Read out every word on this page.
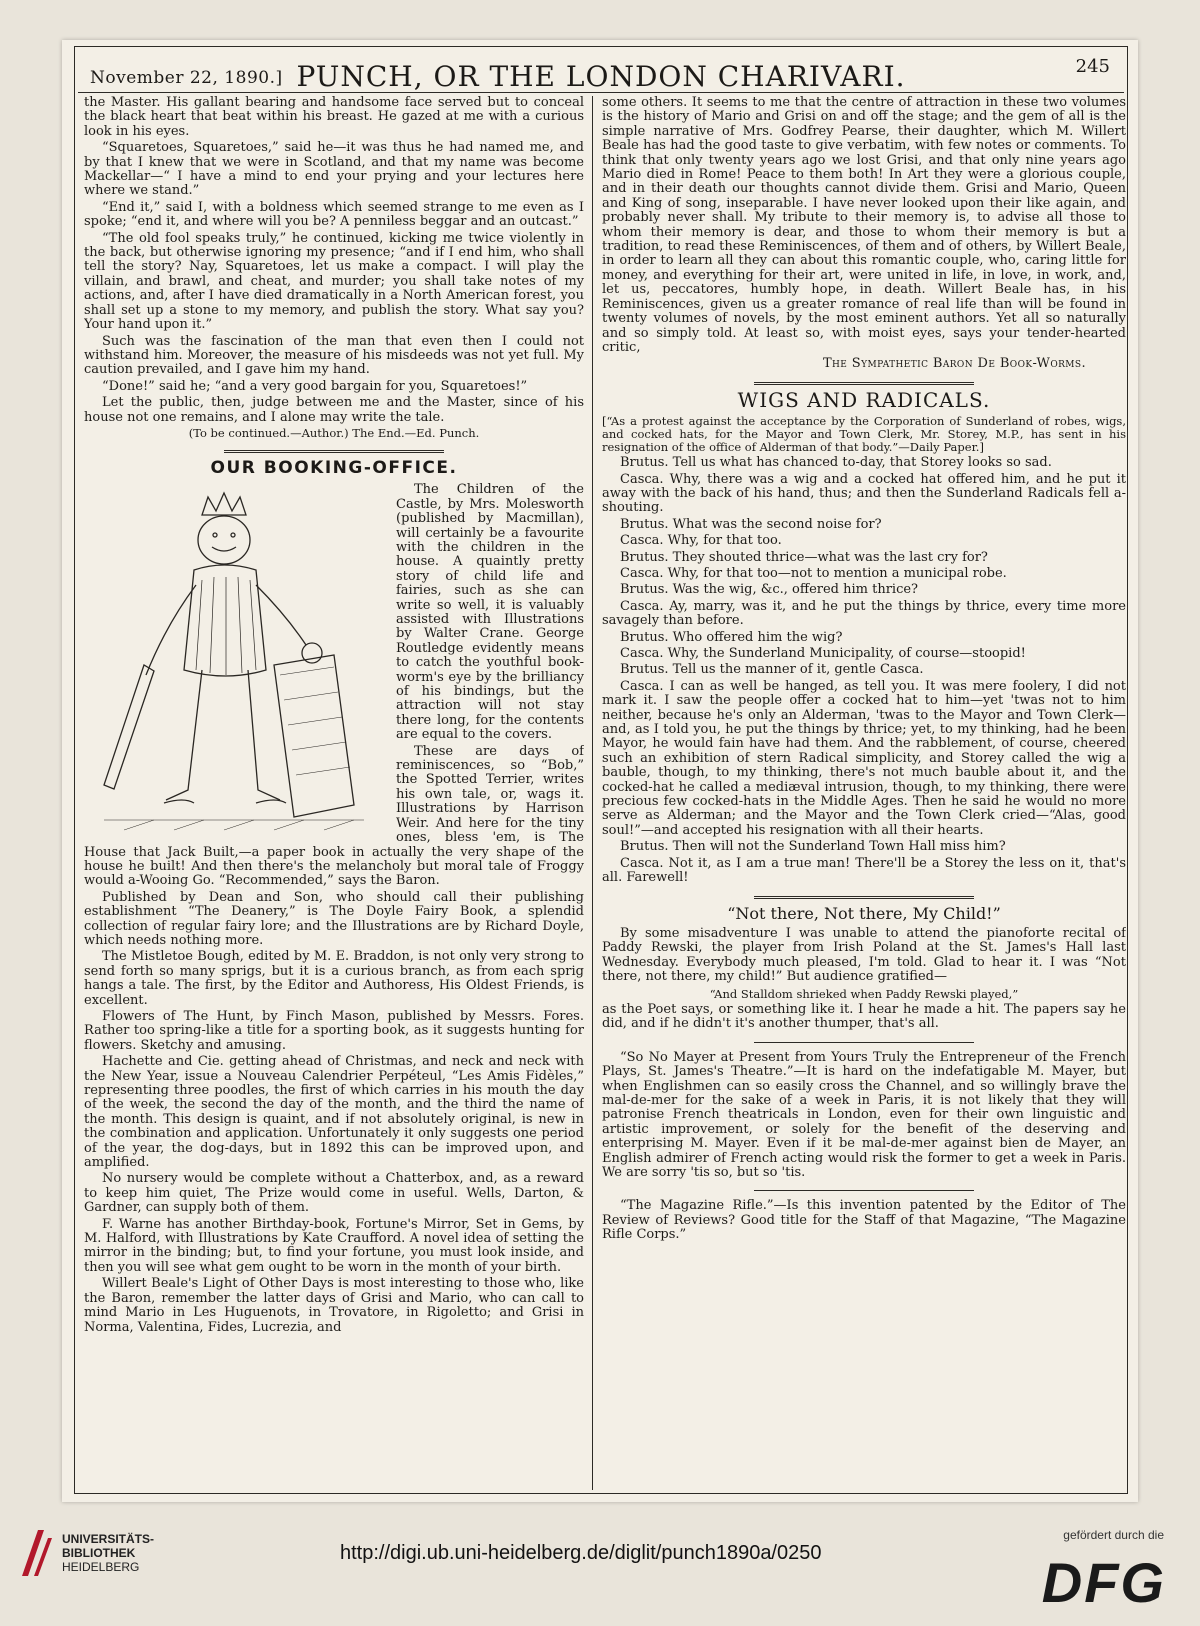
November 22, 1890.] PUNCH, OR THE LONDON CHARIVARI.	245

the Master. His gallant bearing and handsome face served but to conceal the black heart that beat within his breast. He gazed at me with a curious look in his eyes.

“Squaretoes, Squaretoes,” said he—it was thus he had named me, and by that I knew that we were in Scotland, and that my name was become Mackellar—“ I have a mind to end your prying and your lectures here where we stand.”

“End it,” said I, with a boldness which seemed strange to me even as I spoke; “end it, and where will you be? A penniless beggar and an outcast.”

“The old fool speaks truly,” he continued, kicking me twice violently in the back, but otherwise ignoring my presence; “and if I end him, who shall tell the story? Nay, Squaretoes, let us make a compact. I will play the villain, and brawl, and cheat, and murder; you shall take notes of my actions, and, after I have died dramatically in a North American forest, you shall set up a stone to my memory, and publish the story. What say you? Your hand upon it.”

Such was the fascination of the man that even then I could not withstand him. Moreover, the measure of his misdeeds was not yet full. My caution prevailed, and I gave him my hand.

“Done!” said he; “and a very good bargain for you, Squaretoes!”

Let the public, then, judge between me and the Master, since of his house not one remains, and I alone may write the tale.

(To be continued.—Author.) The End.—Ed. Punch.

OUR BOOKING-OFFICE.

The Children of the Castle, by Mrs. Molesworth (published by Macmillan), will certainly be a favourite with the children in the house. A quaintly pretty story of child life and fairies, such as she can write so well, it is valuably assisted with Illustrations by Walter Crane. George Routledge evidently means to catch the youthful book-worm's eye by the brilliancy of his bindings, but the attraction will not stay there long, for the contents are equal to the covers.

These are days of reminiscences, so “Bob,” the Spotted Terrier, writes his own tale, or, wags it. Illustrations by Harrison Weir. And here for the tiny ones, bless 'em, is The House that Jack Built,—a paper book in actually the very shape of the house he built! And then there's the melancholy but moral tale of Froggy would a-Wooing Go. “Recommended,” says the Baron.

Published by Dean and Son, who should call their publishing establishment “The Deanery,” is The Doyle Fairy Book, a splendid collection of regular fairy lore; and the Illustrations are by Richard Doyle, which needs nothing more.

The Mistletoe Bough, edited by M. E. Braddon, is not only very strong to send forth so many sprigs, but it is a curious branch, as from each sprig hangs a tale. The first, by the Editor and Authoress, His Oldest Friends, is excellent.

Flowers of The Hunt, by Finch Mason, published by Messrs. Fores. Rather too spring-like a title for a sporting book, as it suggests hunting for flowers. Sketchy and amusing.

Hachette and Cie. getting ahead of Christmas, and neck and neck with the New Year, issue a Nouveau Calendrier Perpéteul, “Les Amis Fidèles,” representing three poodles, the first of which carries in his mouth the day of the week, the second the day of the month, and the third the name of the month. This design is quaint, and if not absolutely original, is new in the combination and application. Unfortunately it only suggests one period of the year, the dog-days, but in 1892 this can be improved upon, and amplified.

No nursery would be complete without a Chatterbox, and, as a reward to keep him quiet, The Prize would come in useful. Wells, Darton, & Gardner, can supply both of them.

F. Warne has another Birthday-book, Fortune's Mirror, Set in Gems, by M. Halford, with Illustrations by Kate Craufford. A novel idea of setting the mirror in the binding; but, to find your fortune, you must look inside, and then you will see what gem ought to be worn in the month of your birth.

Willert Beale's Light of Other Days is most interesting to those who, like the Baron, remember the latter days of Grisi and Mario, who can call to mind Mario in Les Huguenots, in Trovatore, in Rigoletto; and Grisi in Norma, Valentina, Fides, Lucrezia, and

some others. It seems to me that the centre of attraction in these two volumes is the history of Mario and Grisi on and off the stage; and the gem of all is the simple narrative of Mrs. Godfrey Pearse, their daughter, which M. Willert Beale has had the good taste to give verbatim, with few notes or comments. To think that only twenty years ago we lost Grisi, and that only nine years ago Mario died in Rome! Peace to them both! In Art they were a glorious couple, and in their death our thoughts cannot divide them. Grisi and Mario, Queen and King of song, inseparable. I have never looked upon their like again, and probably never shall. My tribute to their memory is, to advise all those to whom their memory is dear, and those to whom their memory is but a tradition, to read these Reminiscences, of them and of others, by Willert Beale, in order to learn all they can about this romantic couple, who, caring little for money, and everything for their art, were united in life, in love, in work, and, let us, peccatores, humbly hope, in death. Willert Beale has, in his Reminiscences, given us a greater romance of real life than will be found in twenty volumes of novels, by the most eminent authors. Yet all so naturally and so simply told. At least so, with moist eyes, says your tender-hearted critic,

The Sympathetic Baron De Book-Worms.

WIGS AND RADICALS.

[“As a protest against the acceptance by the Corporation of Sunderland of robes, wigs, and cocked hats, for the Mayor and Town Clerk, Mr. Storey, M.P., has sent in his resignation of the office of Alderman of that body.”—Daily Paper.]

Brutus. Tell us what has chanced to-day, that Storey looks so sad.

Casca. Why, there was a wig and a cocked hat offered him, and he put it away with the back of his hand, thus; and then the Sunderland Radicals fell a-shouting.

Brutus. What was the second noise for?

Casca. Why, for that too.

Brutus. They shouted thrice—what was the last cry for?

Casca. Why, for that too—not to mention a municipal robe.

Brutus. Was the wig, &c., offered him thrice?

Casca. Ay, marry, was it, and he put the things by thrice, every time more savagely than before.

Brutus. Who offered him the wig?

Casca. Why, the Sunderland Municipality, of course—stoopid!

Brutus. Tell us the manner of it, gentle Casca.

Casca. I can as well be hanged, as tell you. It was mere foolery, I did not mark it. I saw the people offer a cocked hat to him—yet 'twas not to him neither, because he's only an Alderman, 'twas to the Mayor and Town Clerk—and, as I told you, he put the things by thrice; yet, to my thinking, had he been Mayor, he would fain have had them. And the rabblement, of course, cheered such an exhibition of stern Radical simplicity, and Storey called the wig a bauble, though, to my thinking, there's not much bauble about it, and the cocked-hat he called a mediæval intrusion, though, to my thinking, there were precious few cocked-hats in the Middle Ages. Then he said he would no more serve as Alderman; and the Mayor and the Town Clerk cried—“Alas, good soul!”—and accepted his resignation with all their hearts.

Brutus. Then will not the Sunderland Town Hall miss him?

Casca. Not it, as I am a true man! There'll be a Storey the less on it, that's all. Farewell!

“Not there, Not there, My Child!”

By some misadventure I was unable to attend the pianoforte recital of Paddy Rewski, the player from Irish Poland at the St. James's Hall last Wednesday. Everybody much pleased, I'm told. Glad to hear it. I was “Not there, not there, my child!” But audience gratified—

“And Stalldom shrieked when Paddy Rewski played,”

as the Poet says, or something like it. I hear he made a hit. The papers say he did, and if he didn't it's another thumper, that's all.

“So No Mayer at Present from Yours Truly the Entrepreneur of the French Plays, St. James's Theatre.”—It is hard on the indefatigable M. Mayer, but when Englishmen can so easily cross the Channel, and so willingly brave the mal-de-mer for the sake of a week in Paris, it is not likely that they will patronise French theatricals in London, even for their own linguistic and artistic improvement, or solely for the benefit of the deserving and enterprising M. Mayer. Even if it be mal-de-mer against bien de Mayer, an English admirer of French acting would risk the former to get a week in Paris. We are sorry 'tis so, but so 'tis.

“The Magazine Rifle.”—Is this invention patented by the Editor of The Review of Reviews? Good title for the Staff of that Magazine, “The Magazine Rifle Corps.”

UNIVERSITÄTS-
BIBLIOTHEK
HEIDELBERG
http://digi.ub.uni-heidelberg.de/diglit/punch1890a/0250
gefördert durch die
DFG
